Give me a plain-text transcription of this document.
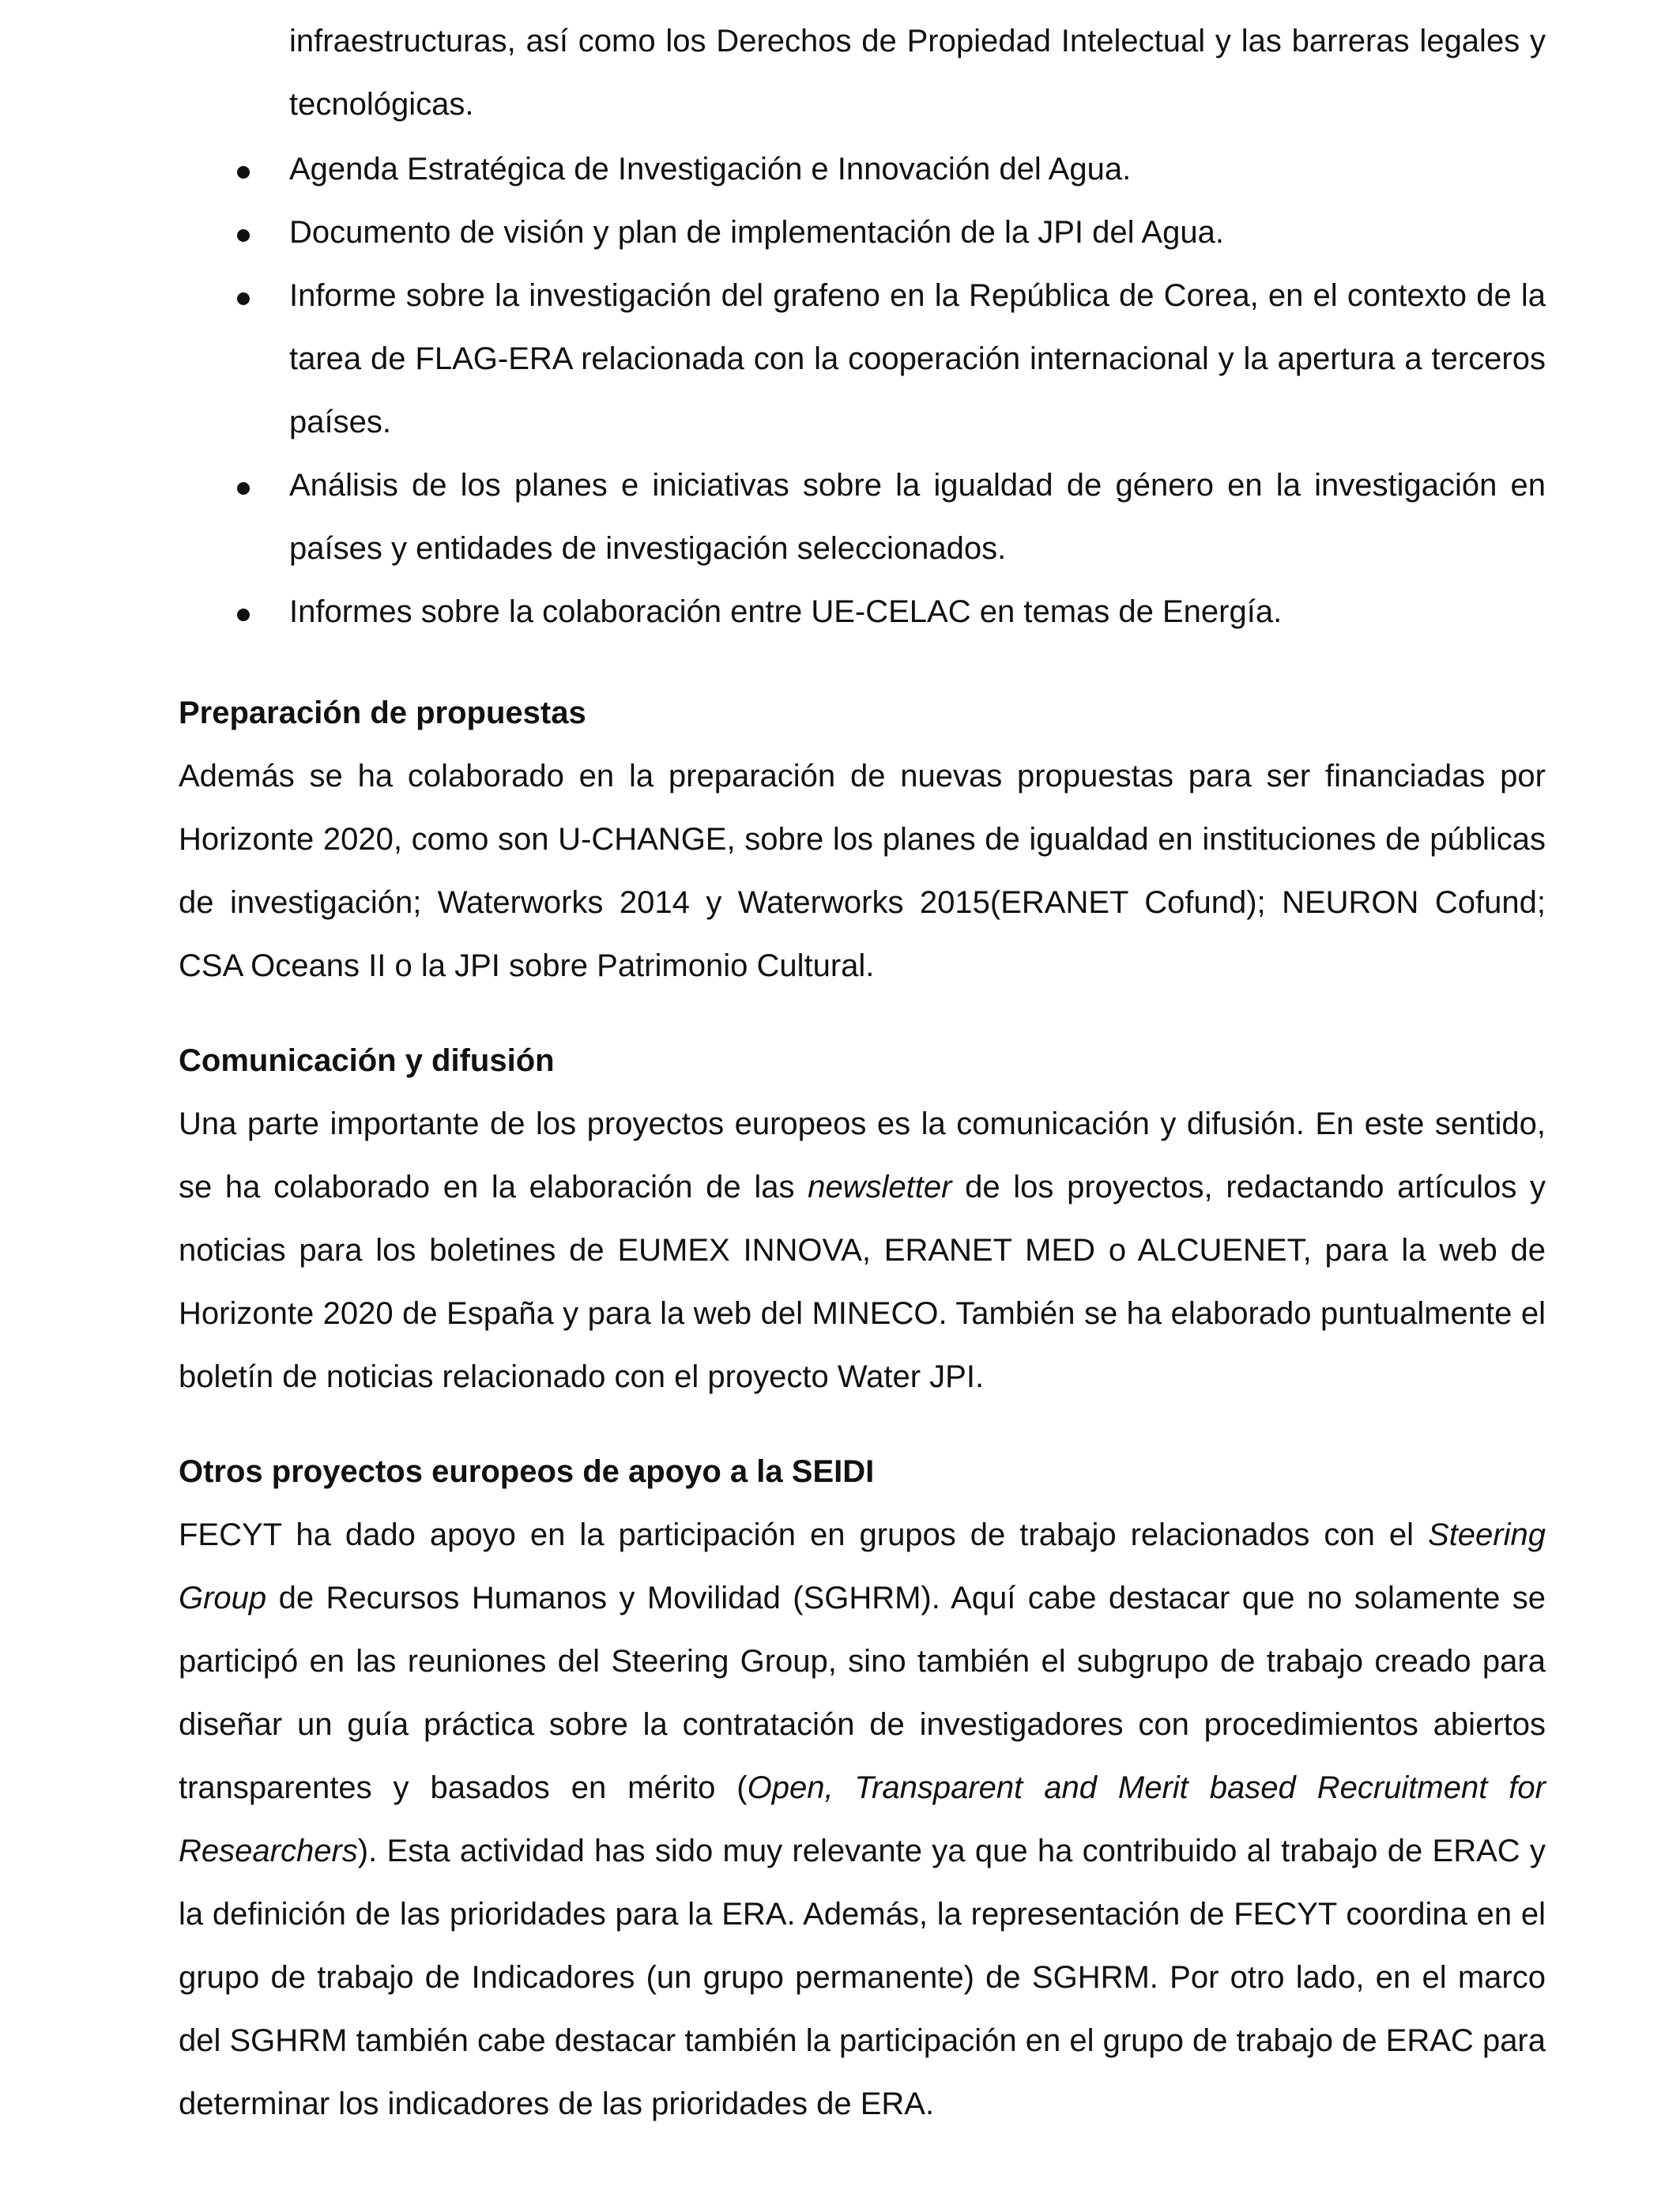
infraestructuras, así como los Derechos de Propiedad Intelectual y las barreras legales y tecnológicas.
Agenda Estratégica de Investigación e Innovación del Agua.
Documento de visión y plan de implementación de la JPI del Agua.
Informe sobre la investigación del grafeno en la República de Corea, en el contexto de la tarea de FLAG-ERA relacionada con la cooperación internacional y la apertura a terceros países.
Análisis de los planes e iniciativas sobre la igualdad de género en la investigación en países y entidades de investigación seleccionados.
Informes sobre la colaboración entre UE-CELAC en temas de Energía.
Preparación de propuestas

Además se ha colaborado en la preparación de nuevas propuestas para ser financiadas por Horizonte 2020, como son U-CHANGE, sobre los planes de igualdad en instituciones de públicas de investigación; Waterworks 2014 y Waterworks 2015(ERANET Cofund); NEURON Cofund; CSA Oceans II o la JPI sobre Patrimonio Cultural.

Comunicación y difusión

Una parte importante de los proyectos europeos es la comunicación y difusión. En este sentido, se ha colaborado en la elaboración de las newsletter de los proyectos, redactando artículos y noticias para los boletines de EUMEX INNOVA, ERANET MED o ALCUENET, para la web de Horizonte 2020 de España y para la web del MINECO. También se ha elaborado puntualmente el boletín de noticias relacionado con el proyecto Water JPI.

Otros proyectos europeos de apoyo a la SEIDI

FECYT ha dado apoyo en la participación en grupos de trabajo relacionados con el Steering Group de Recursos Humanos y Movilidad (SGHRM). Aquí cabe destacar que no solamente se participó en las reuniones del Steering Group, sino también el subgrupo de trabajo creado para diseñar un guía práctica sobre la contratación de investigadores con procedimientos abiertos transparentes y basados en mérito (Open, Transparent and Merit based Recruitment for Researchers). Esta actividad has sido muy relevante ya que ha contribuido al trabajo de ERAC y la definición de las prioridades para la ERA. Además, la representación de FECYT coordina en el grupo de trabajo de Indicadores (un grupo permanente) de SGHRM. Por otro lado, en el marco del SGHRM también cabe destacar también la participación en el grupo de trabajo de ERAC para determinar los indicadores de las prioridades de ERA.
